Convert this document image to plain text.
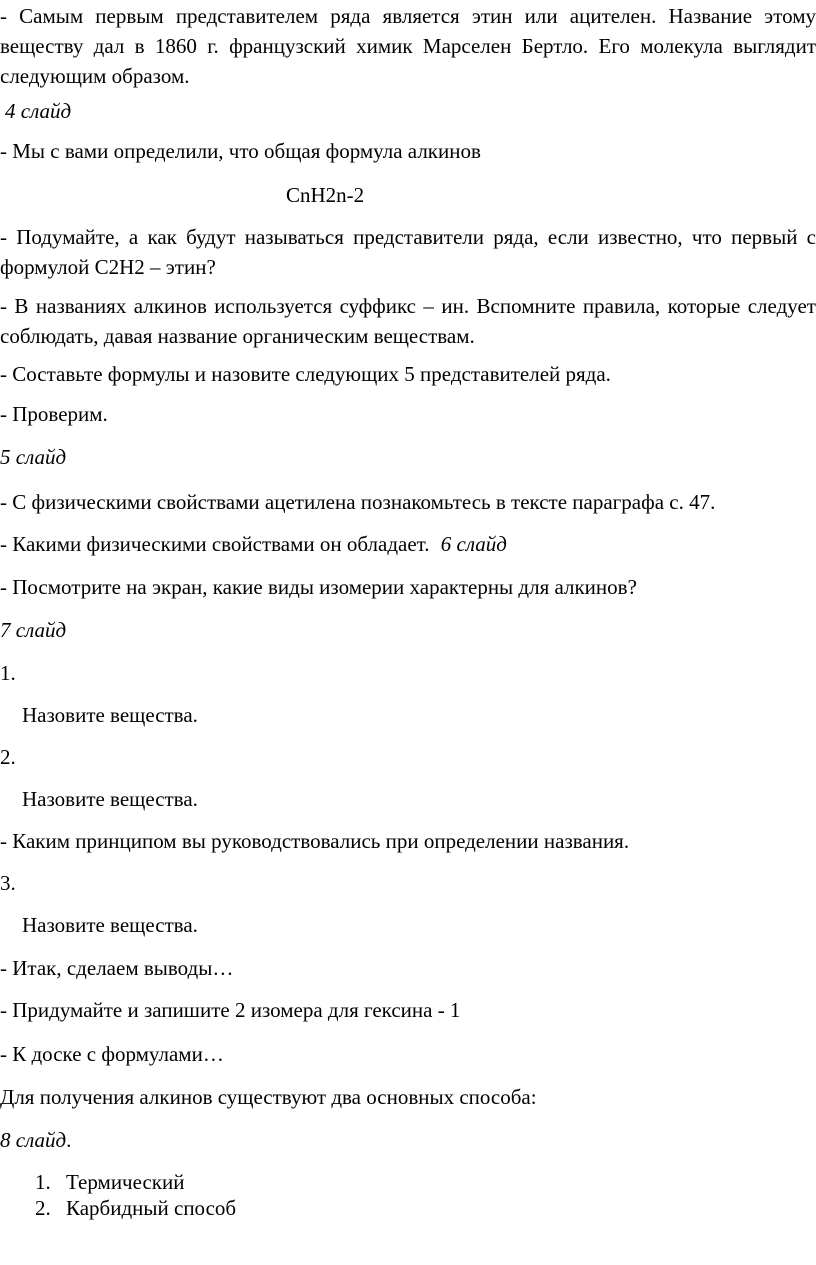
- Самым первым представителем ряда является этин или ацителен. Название этому
веществу дал в 1860 г. французский химик Марселен Бертло. Его молекула выглядит
следующим образом.
4 слайд
- Мы с вами определили, что общая формула алкинов
CnH2n-2
- Подумайте, а как будут называться представители ряда, если известно, что первый с
формулой C2H2 – этин?
- В названиях алкинов используется суффикс – ин. Вспомните правила, которые следует
соблюдать, давая название органическим веществам.
- Составьте формулы и назовите следующих 5 представителей ряда.
- Проверим.
5 слайд
- С физическими свойствами ацетилена познакомьтесь в тексте параграфа с. 47.
- Какими физическими свойствами он обладает. 6 слайд
- Посмотрите на экран, какие виды изомерии характерны для алкинов?
7 слайд
1.
Назовите вещества.
2.
Назовите вещества.
- Каким принципом вы руководствовались при определении названия.
3.
Назовите вещества.
- Итак, сделаем выводы…
- Придумайте и запишите 2 изомера для гексина - 1
- К доске с формулами…
Для получения алкинов существуют два основных способа:
8 слайд.
1. Термический
2. Карбидный способ
